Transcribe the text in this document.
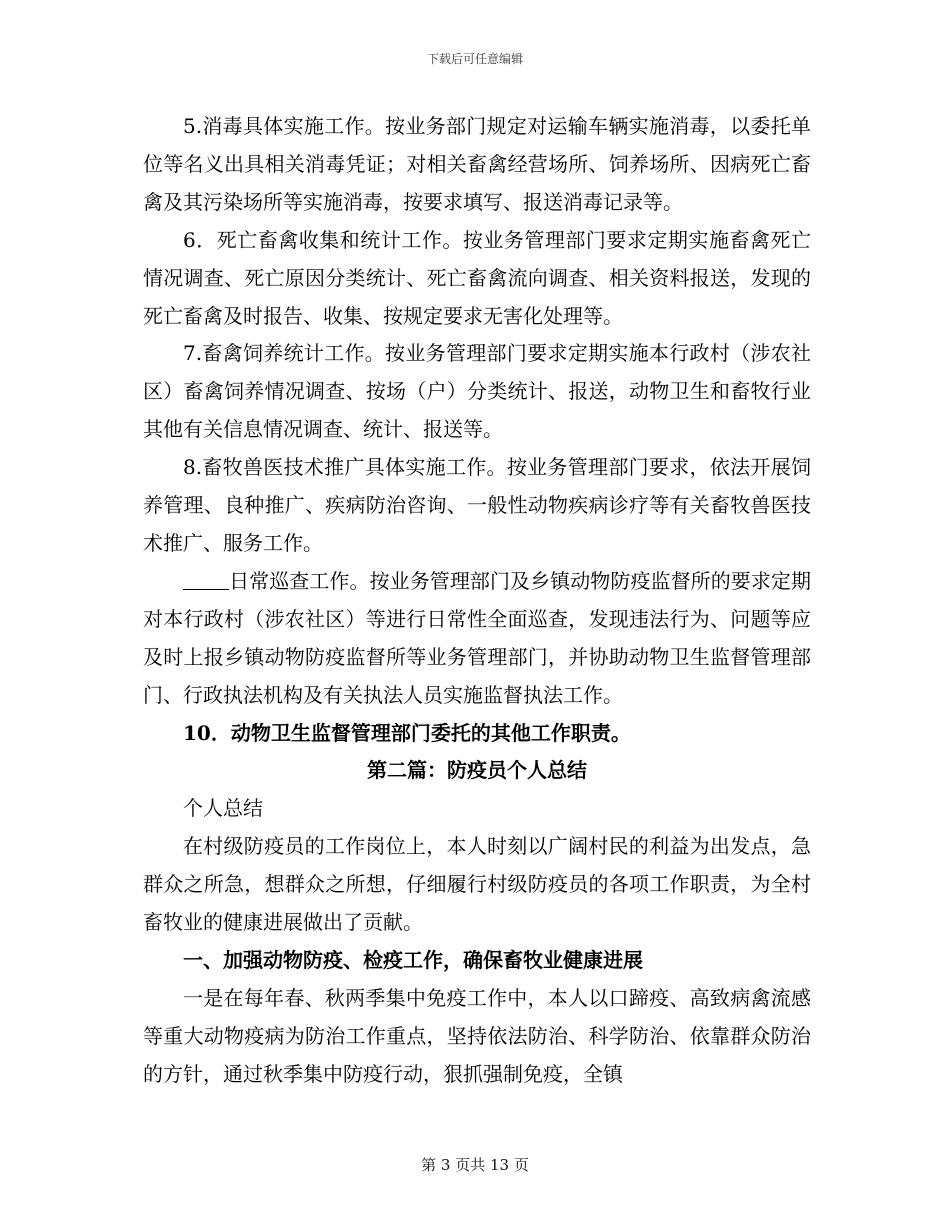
下载后可任意编辑

5.消毒具体实施工作。按业务部门规定对运输车辆实施消毒，以委托单位等名义出具相关消毒凭证；对相关畜禽经营场所、饲养场所、因病死亡畜禽及其污染场所等实施消毒，按要求填写、报送消毒记录等。

6．死亡畜禽收集和统计工作。按业务管理部门要求定期实施畜禽死亡情况调查、死亡原因分类统计、死亡畜禽流向调查、相关资料报送，发现的死亡畜禽及时报告、收集、按规定要求无害化处理等。

7.畜禽饲养统计工作。按业务管理部门要求定期实施本行政村（涉农社区）畜禽饲养情况调查、按场（户）分类统计、报送，动物卫生和畜牧行业其他有关信息情况调查、统计、报送等。

8.畜牧兽医技术推广具体实施工作。按业务管理部门要求，依法开展饲养管理、良种推广、疾病防治咨询、一般性动物疾病诊疗等有关畜牧兽医技术推广、服务工作。

日常巡查工作。按业务管理部门及乡镇动物防疫监督所的要求定期对本行政村（涉农社区）等进行日常性全面巡查，发现违法行为、问题等应及时上报乡镇动物防疫监督所等业务管理部门，并协助动物卫生监督管理部门、行政执法机构及有关执法人员实施监督执法工作。

10．动物卫生监督管理部门委托的其他工作职责。

第二篇：防疫员个人总结

个人总结

在村级防疫员的工作岗位上，本人时刻以广阔村民的利益为出发点，急群众之所急，想群众之所想，仔细履行村级防疫员的各项工作职责，为全村畜牧业的健康进展做出了贡献。

一、加强动物防疫、检疫工作，确保畜牧业健康进展

一是在每年春、秋两季集中免疫工作中，本人以口蹄疫、高致病禽流感等重大动物疫病为防治工作重点，坚持依法防治、科学防治、依靠群众防治的方针，通过秋季集中防疫行动，狠抓强制免疫，全镇

第 3 页共 13 页
